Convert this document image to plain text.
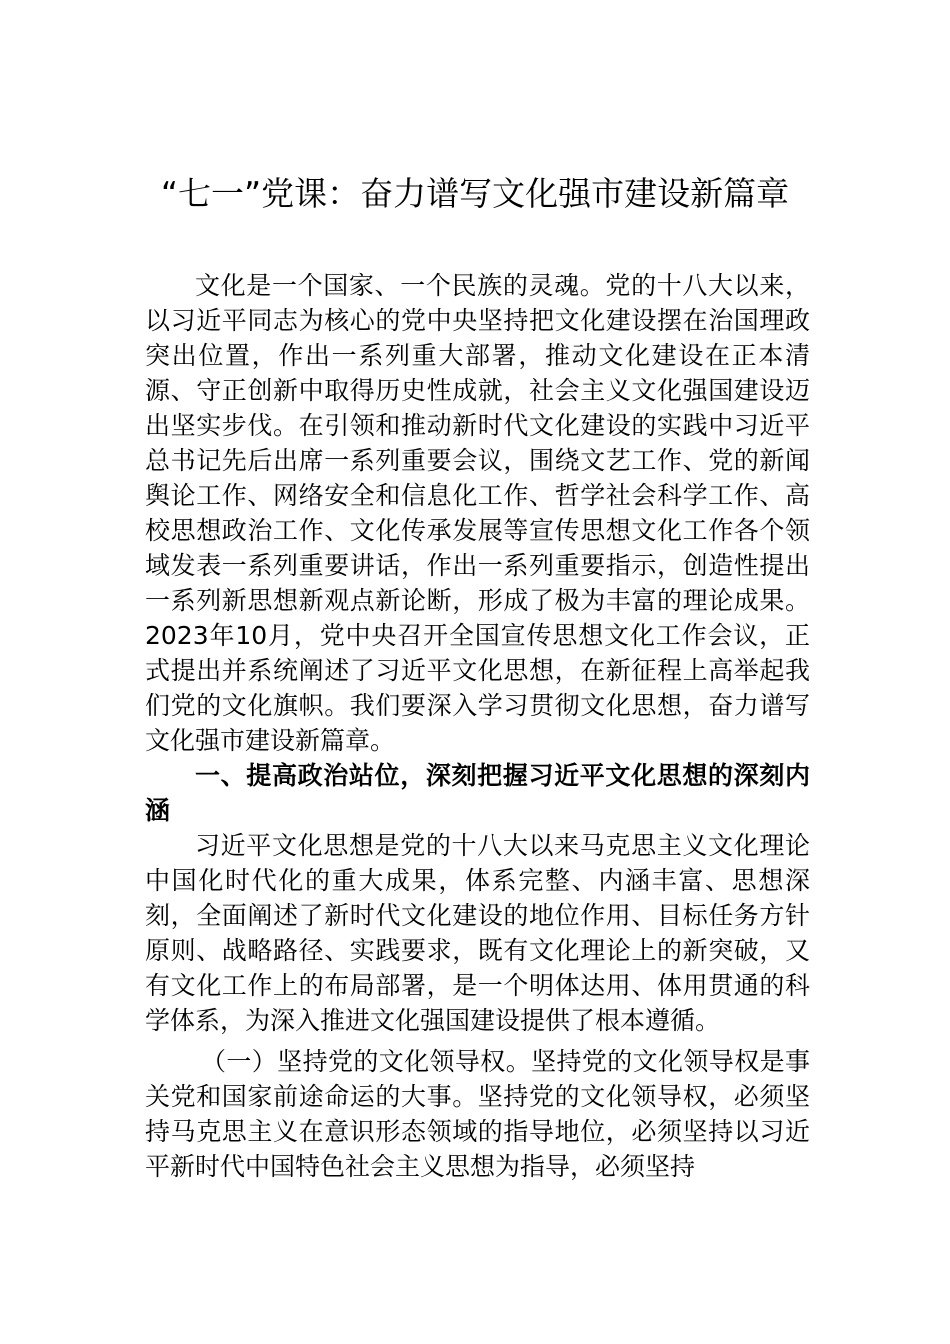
“七一”党课：奋力谱写文化强市建设新篇章

文化是一个国家、一个民族的灵魂。党的十八大以来，以习近平同志为核心的党中央坚持把文化建设摆在治国理政突出位置，作出一系列重大部署，推动文化建设在正本清源、守正创新中取得历史性成就，社会主义文化强国建设迈出坚实步伐。在引领和推动新时代文化建设的实践中习近平总书记先后出席一系列重要会议，围绕文艺工作、党的新闻舆论工作、网络安全和信息化工作、哲学社会科学工作、高校思想政治工作、文化传承发展等宣传思想文化工作各个领域发表一系列重要讲话，作出一系列重要指示，创造性提出一系列新思想新观点新论断，形成了极为丰富的理论成果。2023年10月，党中央召开全国宣传思想文化工作会议，正式提出并系统阐述了习近平文化思想，在新征程上高举起我们党的文化旗帜。我们要深入学习贯彻文化思想，奋力谱写文化强市建设新篇章。

一、提高政治站位，深刻把握习近平文化思想的深刻内涵

习近平文化思想是党的十八大以来马克思主义文化理论中国化时代化的重大成果，体系完整、内涵丰富、思想深刻，全面阐述了新时代文化建设的地位作用、目标任务方针原则、战略路径、实践要求，既有文化理论上的新突破，又有文化工作上的布局部署，是一个明体达用、体用贯通的科学体系，为深入推进文化强国建设提供了根本遵循。

（一）坚持党的文化领导权。坚持党的文化领导权是事关党和国家前途命运的大事。坚持党的文化领导权，必须坚持马克思主义在意识形态领域的指导地位，必须坚持以习近平新时代中国特色社会主义思想为指导，必须坚持
